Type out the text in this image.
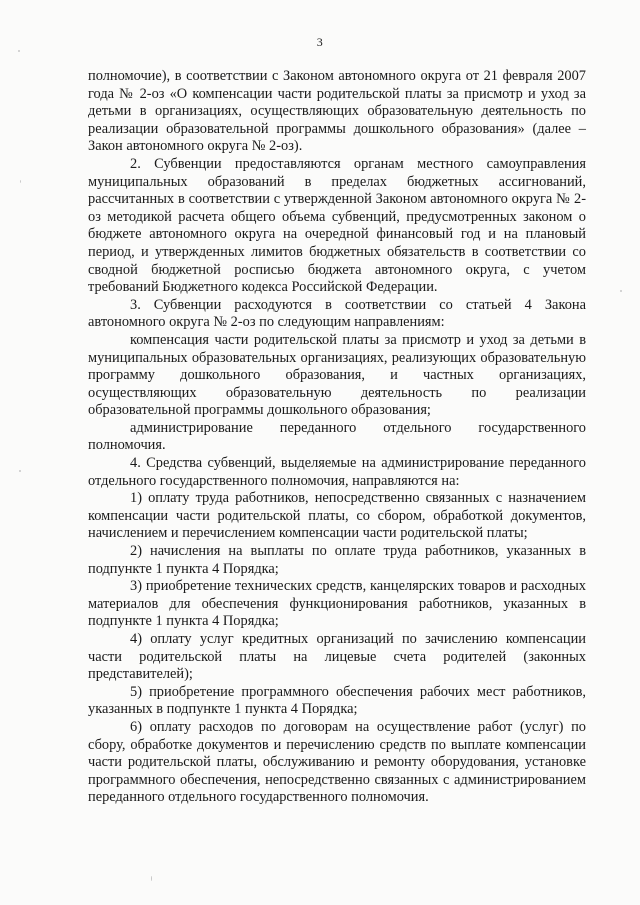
3

полномочие), в соответствии с Законом автономного округа от 21 февраля 2007 года № 2-оз «О компенсации части родительской платы за присмотр и уход за детьми в организациях, осуществляющих образовательную деятельность по реализации образовательной программы дошкольного образования» (далее – Закон автономного округа № 2-оз).

2. Субвенции предоставляются органам местного самоуправления муниципальных образований в пределах бюджетных ассигнований, рассчитанных в соответствии с утвержденной Законом автономного округа № 2-оз методикой расчета общего объема субвенций, предусмотренных законом о бюджете автономного округа на очередной финансовый год и на плановый период, и утвержденных лимитов бюджетных обязательств в соответствии со сводной бюджетной росписью бюджета автономного округа, с учетом требований Бюджетного кодекса Российской Федерации.

3. Субвенции расходуются в соответствии со статьей 4 Закона автономного округа № 2-оз по следующим направлениям:

компенсация части родительской платы за присмотр и уход за детьми в муниципальных образовательных организациях, реализующих образовательную программу дошкольного образования, и частных организациях, осуществляющих образовательную деятельность по реализации образовательной программы дошкольного образования;

администрирование переданного отдельного государственного полномочия.

4. Средства субвенций, выделяемые на администрирование переданного отдельного государственного полномочия, направляются на:

1) оплату труда работников, непосредственно связанных с назначением компенсации части родительской платы, со сбором, обработкой документов, начислением и перечислением компенсации части родительской платы;

2) начисления на выплаты по оплате труда работников, указанных в подпункте 1 пункта 4 Порядка;

3) приобретение технических средств, канцелярских товаров и расходных материалов для обеспечения функционирования работников, указанных в подпункте 1 пункта 4 Порядка;

4) оплату услуг кредитных организаций по зачислению компенсации части родительской платы на лицевые счета родителей (законных представителей);

5) приобретение программного обеспечения рабочих мест работников, указанных в подпункте 1 пункта 4 Порядка;

6) оплату расходов по договорам на осуществление работ (услуг) по сбору, обработке документов и перечислению средств по выплате компенсации части родительской платы, обслуживанию и ремонту оборудования, установке программного обеспечения, непосредственно связанных с администрированием переданного отдельного государственного полномочия.
